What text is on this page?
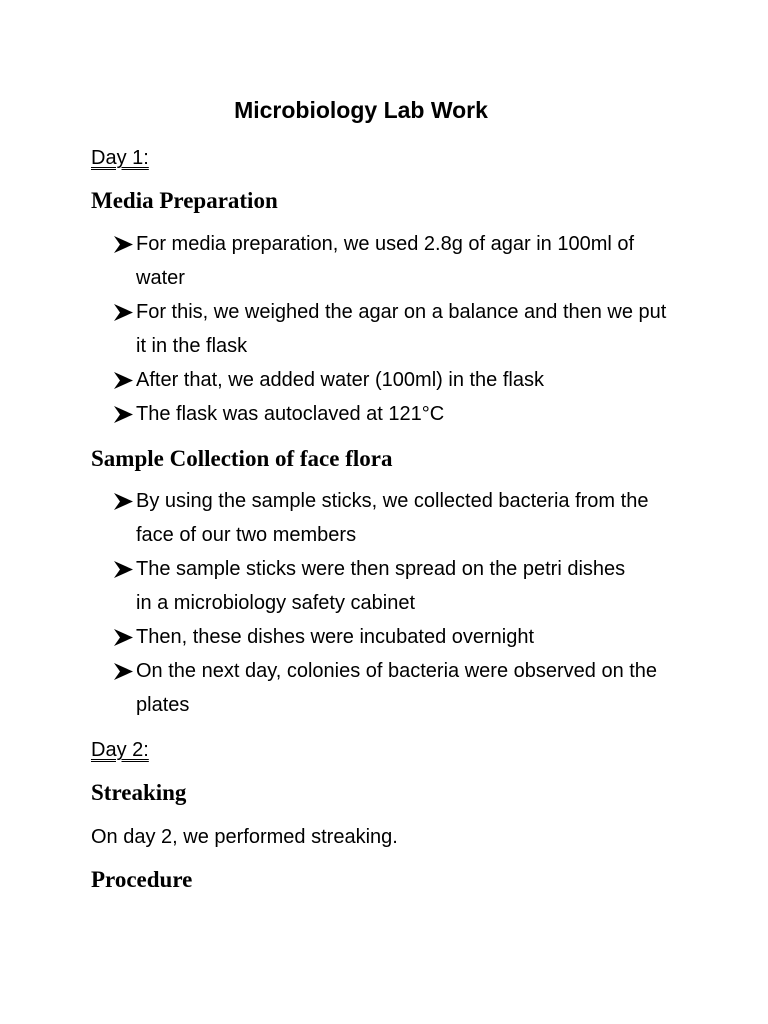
Microbiology Lab Work
Day 1:
Media Preparation
For media preparation, we used 2.8g of agar in 100ml of water
For this, we weighed the agar on a balance and then we put it in the flask
After that, we added water (100ml) in the flask
The flask was autoclaved at 121°C
Sample Collection of face flora
By using the sample sticks, we collected bacteria from the face of our two members
The sample sticks were then spread on the petri dishes in a microbiology safety cabinet
Then, these dishes were incubated overnight
On the next day, colonies of bacteria were observed on the plates
Day 2:
Streaking

On day 2, we performed streaking.

Procedure
